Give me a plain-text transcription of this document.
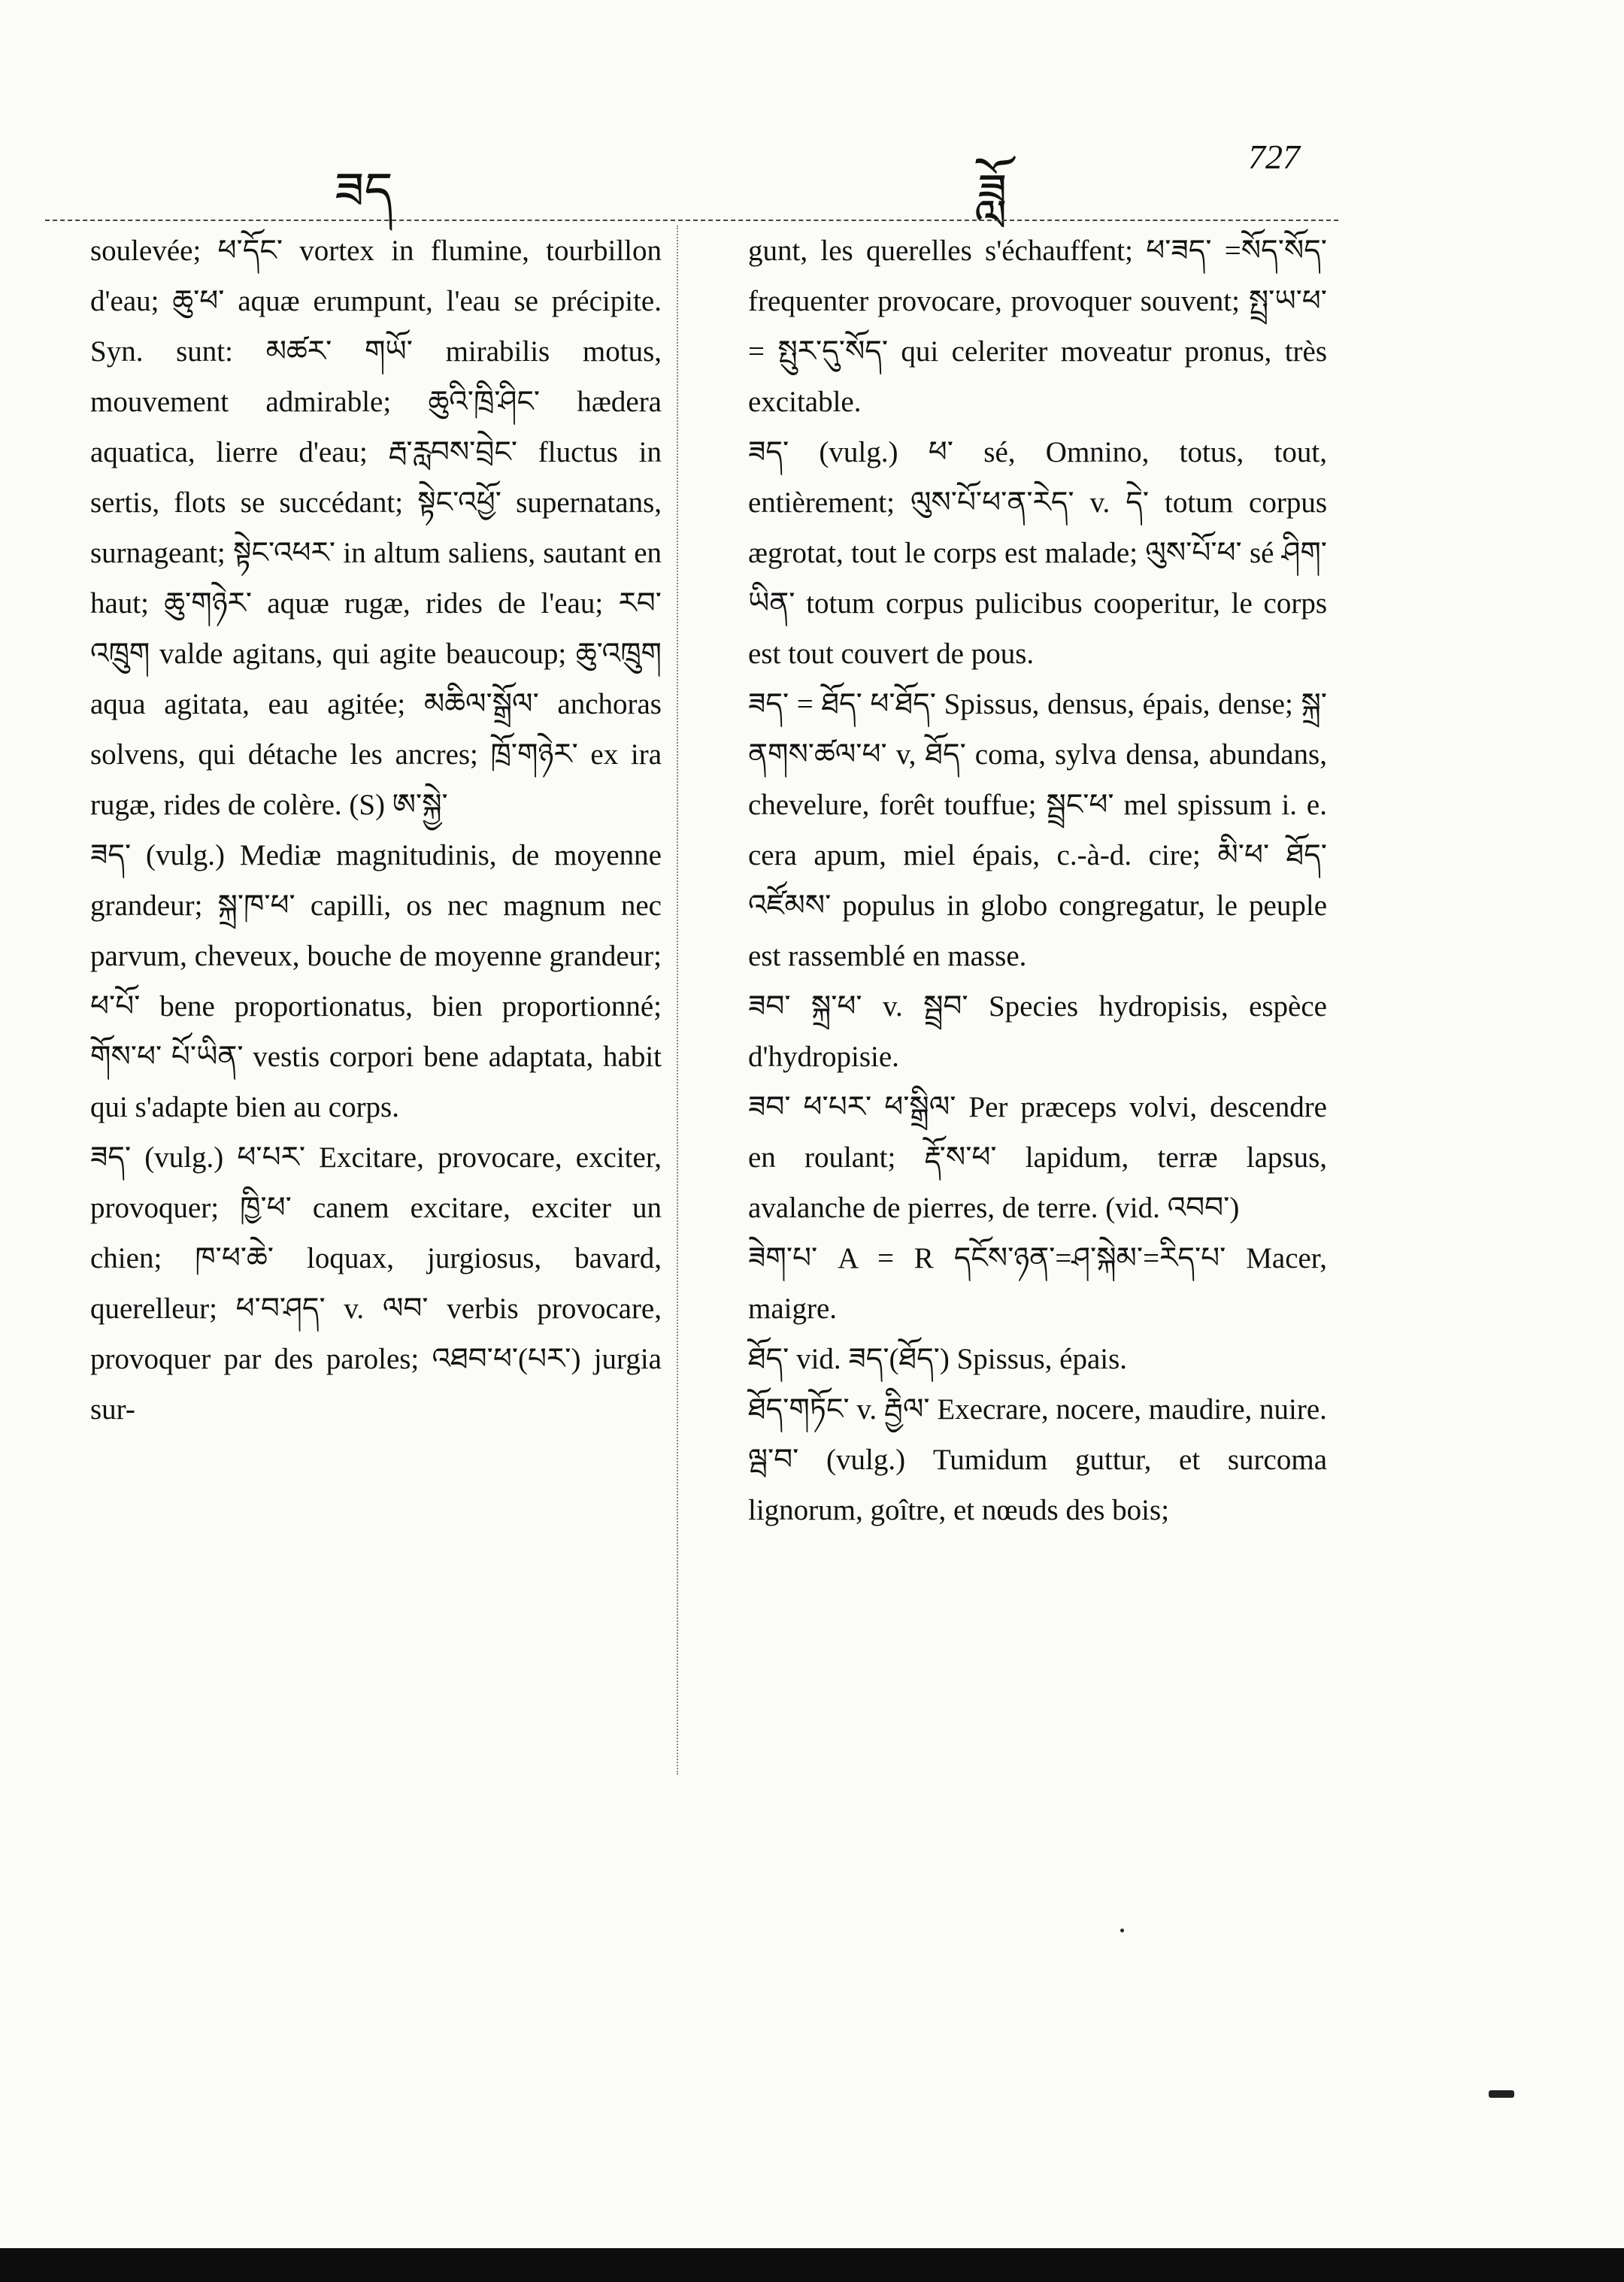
ཟད	ཟློ
727

soulevée; ཕ་དོང་ vortex in flumine, tourbillon d'eau; ཆུ་ཕ་ aquæ erumpunt, l'eau se précipite. Syn. sunt: མཚར་ གཡོ་ mirabilis motus, mouvement admirable; ཆུའི་ཁྲི་ཤིང་ hædera aquatica, lierre d'eau; རྦ་རླབས་བྲེང་ fluctus in sertis, flots se succédant; སྟེང་འཕྱོ་ supernatans, surnageant; སྟེང་འཕར་ in altum saliens, sautant en haut; ཆུ་གཉེར་ aquæ rugæ, rides de l'eau; རབ་འཁྲུག valde agitans, qui agite beaucoup; ཆུ་འཁྲུག aqua agitata, eau agitée; མཆིལ་སྒྲོལ་ anchoras solvens, qui détache les ancres; ཁྲོ་གཉེར་ ex ira rugæ, rides de colère. (S) ཨ་སྐྱེ་

ཟད་ (vulg.) Mediæ magnitudinis, de moyenne grandeur; སྐྲ་ཁ་ཕ་ capilli, os nec magnum nec parvum, cheveux, bouche de moyenne grandeur; ཕ་པོ་ bene proportionatus, bien proportionné; གོས་ཕ་ པོ་ཡིན་ vestis corpori bene adaptata, habit qui s'adapte bien au corps.

ཟད་ (vulg.) ཕ་པར་ Excitare, provocare, exciter, provoquer; ཁྱི་ཕ་ canem excitare, exciter un chien; ཁ་ཕ་ཆེ་ loquax, jurgiosus, bavard, querelleur; ཕ་བ་ཤད་ v. ལབ་ verbis provocare, provoquer par des paroles; འཐབ་ཕ་(པར་) jurgia sur-

gunt, les querelles s'échauffent; ཕ་ཟད་ =སོད་སོད་ frequenter provocare, provoquer souvent; སྤྲ་ཡ་ཕ་ = སྤུར་དུ་སོད་ qui celeriter moveatur pronus, très excitable.

ཟད་ (vulg.) ཕ་ sé, Omnino, totus, tout, entièrement; ལུས་པོ་ཕ་ན་རེད་ v. དེ་ totum corpus ægrotat, tout le corps est malade; ལུས་པོ་ཕ་ sé ཤིག་ཡིན་ totum corpus pulicibus cooperitur, le corps est tout couvert de pous.

ཟད་ = ཐོད་ ཕ་ཐོད་ Spissus, densus, épais, dense; སྐྲ་ནགས་ཚལ་ཕ་ v, ཐོད་ coma, sylva densa, abundans, chevelure, forêt touffue; སྦྲང་ཕ་ mel spissum i. e. cera apum, miel épais, c.-à-d. cire; མི་ཕ་ ཐོད་འཛོམས་ populus in globo congregatur, le peuple est rassemblé en masse.

ཟབ་ སྐྲ་ཕ་ v. སྦྲབ་ Species hydropisis, espèce d'hydropisie.

ཟབ་ ཕ་པར་ ཕ་སྒྲིལ་ Per præceps volvi, descendre en roulant; རྡོ་ས་ཕ་ lapidum, terræ lapsus, avalanche de pierres, de terre. (vid. འབབ་)

ཟེག་པ་ A = R དངོས་ཉན་=ཤ་སྐེམ་=རིད་པ་ Macer, maigre.

ཐོད་ vid. ཟད་(ཐོད་) Spissus, épais.

ཐོད་གཏོང་ v. རྦྱིལ་ Execrare, nocere, maudire, nuire.

ལྦ་བ་ (vulg.) Tumidum guttur, et surcoma lignorum, goître, et nœuds des bois;
